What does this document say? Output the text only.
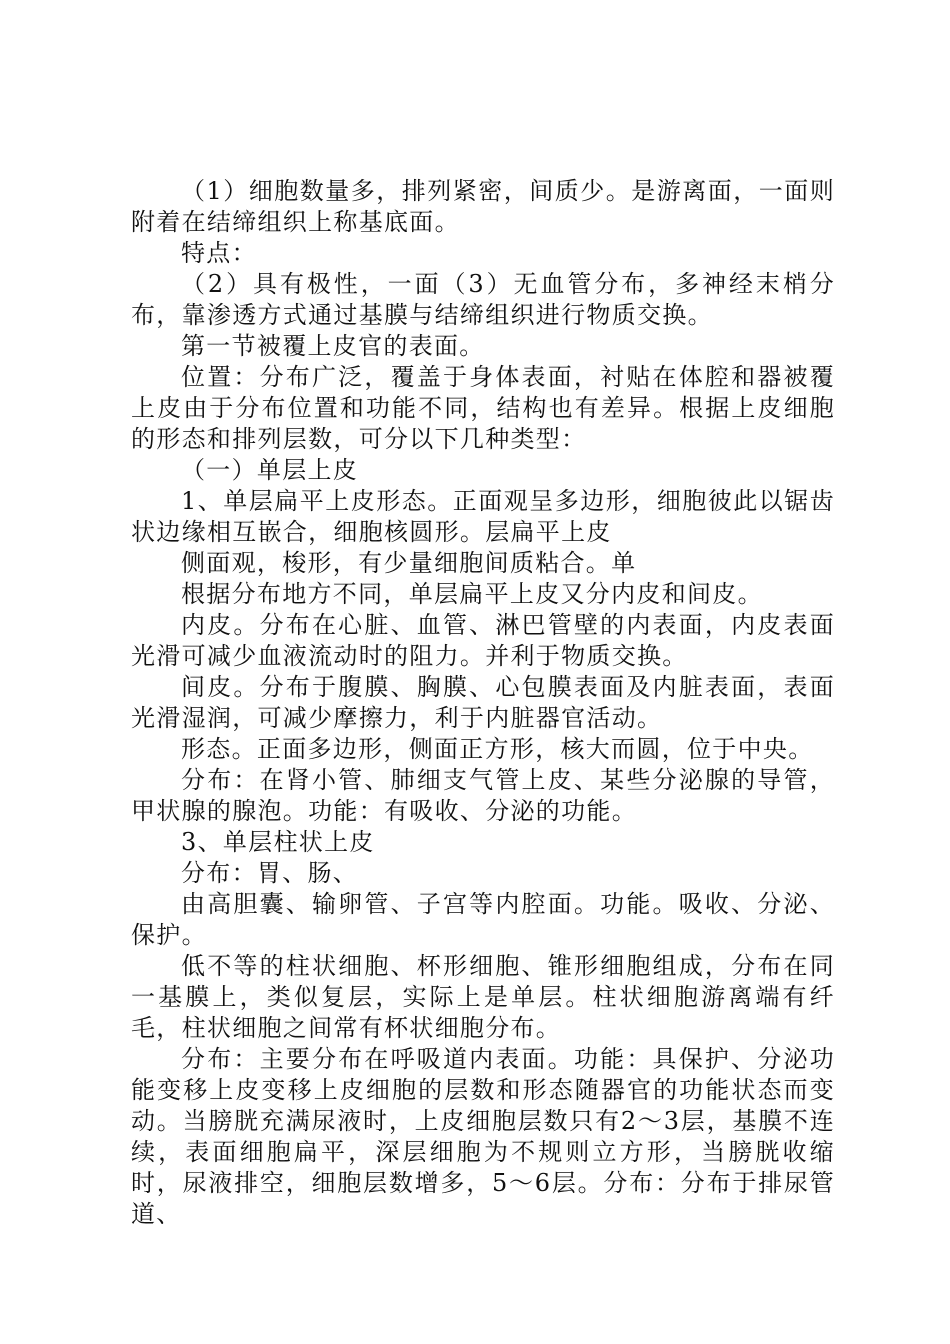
（1）细胞数量多，排列紧密，间质少。是游离面，一面则附着在结缔组织上称基底面。

特点：

（2）具有极性，一面（3）无血管分布，多神经末梢分布，靠渗透方式通过基膜与结缔组织进行物质交换。

第一节被覆上皮官的表面。

位置：分布广泛，覆盖于身体表面，衬贴在体腔和器被覆上皮由于分布位置和功能不同，结构也有差异。根据上皮细胞的形态和排列层数，可分以下几种类型：

（一）单层上皮

1、单层扁平上皮形态。正面观呈多边形，细胞彼此以锯齿状边缘相互嵌合，细胞核圆形。层扁平上皮

侧面观，梭形，有少量细胞间质粘合。单

根据分布地方不同，单层扁平上皮又分内皮和间皮。

内皮。分布在心脏、血管、淋巴管壁的内表面，内皮表面光滑可减少血液流动时的阻力。并利于物质交换。

间皮。分布于腹膜、胸膜、心包膜表面及内脏表面，表面光滑湿润，可减少摩擦力，利于内脏器官活动。

形态。正面多边形，侧面正方形，核大而圆，位于中央。

分布：在肾小管、肺细支气管上皮、某些分泌腺的导管，甲状腺的腺泡。功能：有吸收、分泌的功能。

3、单层柱状上皮

分布：胃、肠、

由高胆囊、输卵管、子宫等内腔面。功能。吸收、分泌、保护。

低不等的柱状细胞、杯形细胞、锥形细胞组成，分布在同一基膜上，类似复层，实际上是单层。柱状细胞游离端有纤毛，柱状细胞之间常有杯状细胞分布。

分布：主要分布在呼吸道内表面。功能：具保护、分泌功能变移上皮变移上皮细胞的层数和形态随器官的功能状态而变动。当膀胱充满尿液时，上皮细胞层数只有2～3层，基膜不连续，表面细胞扁平，深层细胞为不规则立方形，当膀胱收缩时，尿液排空，细胞层数增多，5～6层。分布：分布于排尿管道、
